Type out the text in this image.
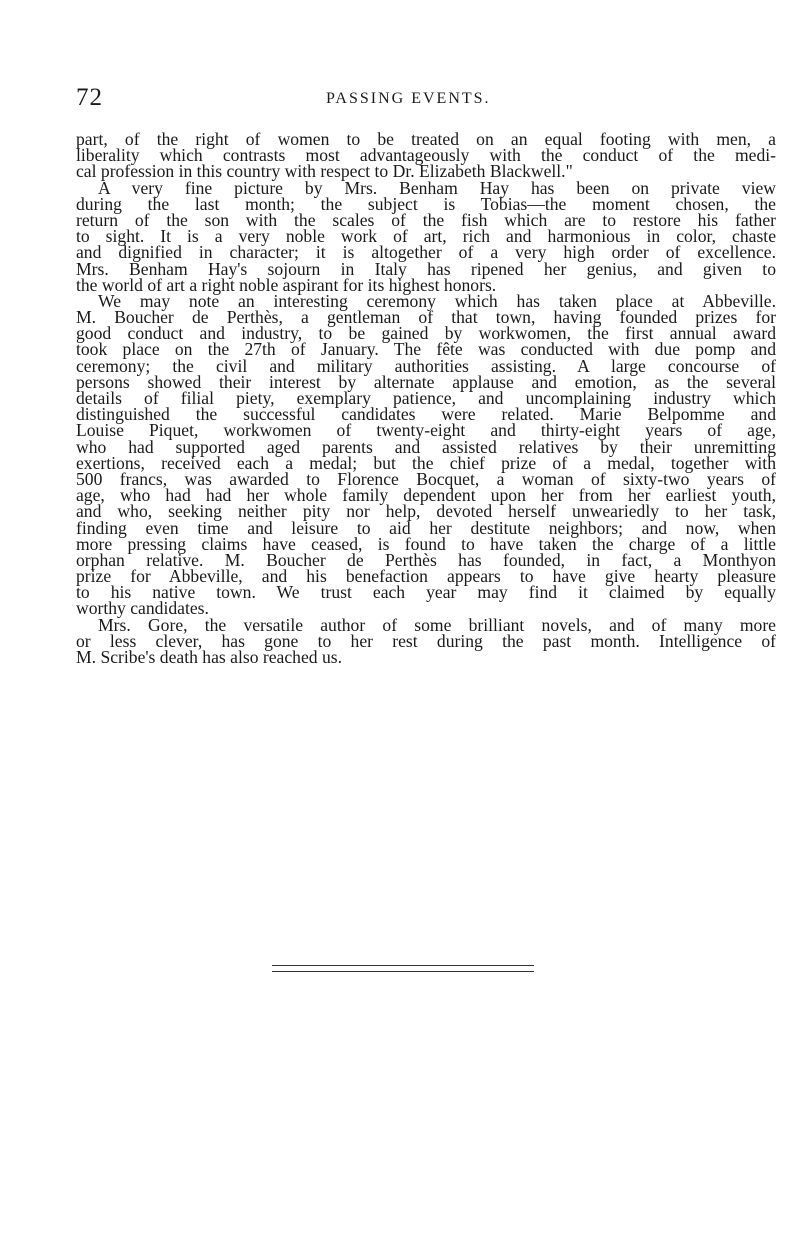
72	PASSING EVENTS.
part, of the right of women to be treated on an equal footing with men, a
liberality which contrasts most advantageously with the conduct of the medi-
cal profession in this country with respect to Dr. Elizabeth Blackwell."
A very fine picture by Mrs. Benham Hay has been on private view
during the last month; the subject is Tobias—the moment chosen, the
return of the son with the scales of the fish which are to restore his father
to sight. It is a very noble work of art, rich and harmonious in color, chaste
and dignified in character; it is altogether of a very high order of excellence.
Mrs. Benham Hay's sojourn in Italy has ripened her genius, and given to
the world of art a right noble aspirant for its highest honors.
We may note an interesting ceremony which has taken place at Abbeville.
M. Boucher de Perthès, a gentleman of that town, having founded prizes for
good conduct and industry, to be gained by workwomen, the first annual award
took place on the 27th of January. The fête was conducted with due pomp and
ceremony; the civil and military authorities assisting. A large concourse of
persons showed their interest by alternate applause and emotion, as the several
details of filial piety, exemplary patience, and uncomplaining industry which
distinguished the successful candidates were related. Marie Belpomme and
Louise Piquet, workwomen of twenty-eight and thirty-eight years of age,
who had supported aged parents and assisted relatives by their unremitting
exertions, received each a medal; but the chief prize of a medal, together with
500 francs, was awarded to Florence Bocquet, a woman of sixty-two years of
age, who had had her whole family dependent upon her from her earliest youth,
and who, seeking neither pity nor help, devoted herself unweariedly to her task,
finding even time and leisure to aid her destitute neighbors; and now, when
more pressing claims have ceased, is found to have taken the charge of a little
orphan relative. M. Boucher de Perthès has founded, in fact, a Monthyon
prize for Abbeville, and his benefaction appears to have give hearty pleasure
to his native town. We trust each year may find it claimed by equally
worthy candidates.
Mrs. Gore, the versatile author of some brilliant novels, and of many more
or less clever, has gone to her rest during the past month. Intelligence of
M. Scribe's death has also reached us.
